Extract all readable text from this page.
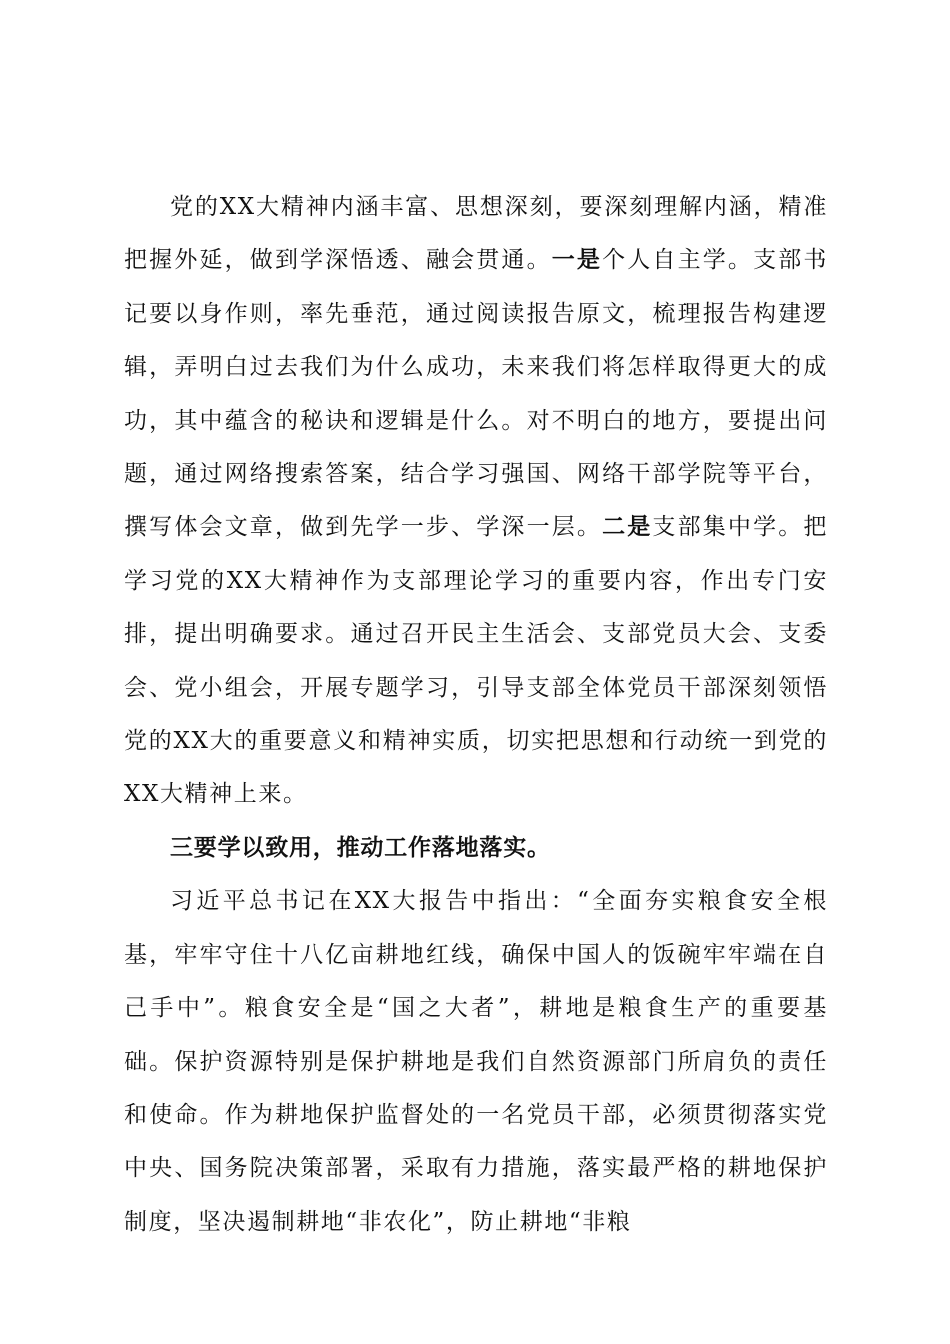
党的XX大精神内涵丰富、思想深刻，要深刻理解内涵，精准把握外延，做到学深悟透、融会贯通。一是个人自主学。支部书记要以身作则，率先垂范，通过阅读报告原文，梳理报告构建逻辑，弄明白过去我们为什么成功，未来我们将怎样取得更大的成功，其中蕴含的秘诀和逻辑是什么。对不明白的地方，要提出问题，通过网络搜索答案，结合学习强国、网络干部学院等平台，撰写体会文章，做到先学一步、学深一层。二是支部集中学。把学习党的XX大精神作为支部理论学习的重要内容，作出专门安排，提出明确要求。通过召开民主生活会、支部党员大会、支委会、党小组会，开展专题学习，引导支部全体党员干部深刻领悟党的XX大的重要意义和精神实质，切实把思想和行动统一到党的XX大精神上来。

三要学以致用，推动工作落地落实。

习近平总书记在XX大报告中指出：“全面夯实粮食安全根基，牢牢守住十八亿亩耕地红线，确保中国人的饭碗牢牢端在自己手中”。粮食安全是“国之大者”，耕地是粮食生产的重要基础。保护资源特别是保护耕地是我们自然资源部门所肩负的责任和使命。作为耕地保护监督处的一名党员干部，必须贯彻落实党中央、国务院决策部署，采取有力措施，落实最严格的耕地保护制度，坚决遏制耕地“非农化”，防止耕地“非粮
